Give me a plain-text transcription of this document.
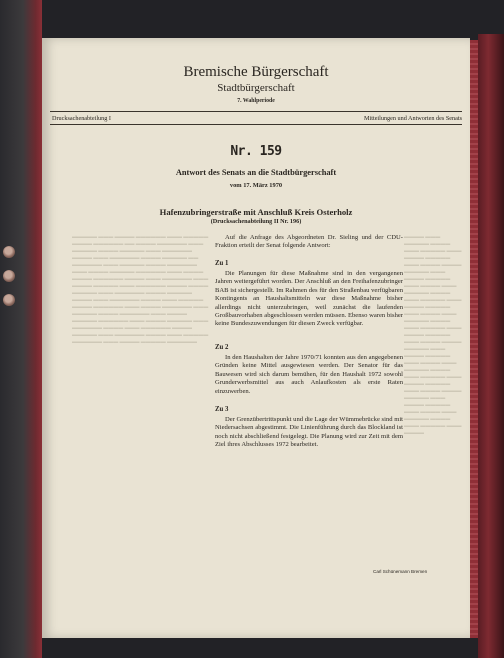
▬▬▬▬▬ ▬▬▬ ▬▬▬▬ ▬▬▬▬▬▬ ▬▬▬ ▬▬▬▬▬ ▬▬▬▬ ▬▬▬▬▬▬ ▬▬ ▬▬▬▬ ▬▬▬▬▬▬ ▬▬▬ ▬▬▬▬▬ ▬▬▬▬ ▬▬▬▬▬ ▬▬▬ ▬▬▬▬▬▬ ▬▬▬▬ ▬▬▬ ▬▬▬▬▬▬ ▬▬▬▬ ▬▬▬▬▬ ▬▬ ▬▬▬▬▬▬ ▬▬▬ ▬▬▬▬▬ ▬▬▬▬ ▬▬▬▬▬▬ ▬▬▬ ▬▬▬▬ ▬▬▬▬▬ ▬▬▬▬▬▬ ▬▬▬ ▬▬▬▬ ▬▬▬▬ ▬▬▬▬▬▬ ▬▬▬▬ ▬▬▬ ▬▬▬▬▬▬ ▬▬▬ ▬▬▬▬ ▬▬▬▬▬ ▬▬▬ ▬▬▬▬▬▬ ▬▬▬▬ ▬▬▬▬ ▬▬▬▬▬ ▬▬▬ ▬▬▬▬▬▬ ▬▬▬▬ ▬▬▬▬▬ ▬▬▬▬ ▬▬▬ ▬▬▬▬▬▬ ▬▬▬▬ ▬▬▬ ▬▬▬▬▬ ▬▬▬▬ ▬▬▬▬▬▬ ▬▬▬ ▬▬▬▬ ▬▬▬▬▬▬ ▬▬▬ ▬▬▬▬▬ ▬▬▬▬ ▬▬▬▬▬▬ ▬▬▬ ▬▬▬▬ ▬▬▬▬▬ ▬▬▬▬▬▬ ▬▬▬ ▬▬▬▬ ▬▬▬▬▬ ▬▬▬ ▬▬▬▬▬▬ ▬▬▬▬ ▬▬▬ ▬▬▬▬▬▬ ▬▬▬▬ ▬▬▬▬▬ ▬▬▬ ▬▬▬▬▬▬ ▬▬▬▬ ▬▬▬ ▬▬▬▬▬ ▬▬▬▬▬▬ ▬▬▬ ▬▬▬▬ ▬▬▬▬▬ ▬▬▬▬▬▬
▬▬▬▬ ▬▬▬ ▬▬▬▬▬ ▬▬▬▬ ▬▬▬ ▬▬▬▬▬ ▬▬▬ ▬▬▬▬ ▬▬▬▬▬ ▬▬▬ ▬▬▬▬ ▬▬▬▬ ▬▬▬▬▬ ▬▬▬ ▬▬▬▬ ▬▬▬▬▬ ▬▬▬ ▬▬▬▬ ▬▬▬ ▬▬▬▬▬ ▬▬▬▬ ▬▬▬ ▬▬▬▬▬ ▬▬▬ ▬▬▬▬ ▬▬▬▬▬ ▬▬▬ ▬▬▬▬ ▬▬▬ ▬▬▬▬▬ ▬▬▬▬ ▬▬▬ ▬▬▬▬▬ ▬▬▬ ▬▬▬▬ ▬▬▬▬▬ ▬▬▬ ▬▬▬▬ ▬▬▬▬ ▬▬▬▬▬ ▬▬▬ ▬▬▬▬ ▬▬▬▬▬ ▬▬▬ ▬▬▬▬ ▬▬▬ ▬▬▬▬▬ ▬▬▬▬ ▬▬▬ ▬▬▬▬▬ ▬▬▬ ▬▬▬▬ ▬▬▬▬▬ ▬▬▬ ▬▬▬▬ ▬▬▬▬ ▬▬▬▬▬ ▬▬▬ ▬▬▬▬ ▬▬▬▬▬ ▬▬▬ ▬▬▬▬ ▬▬▬ ▬▬▬▬▬ ▬▬▬▬ ▬▬▬ ▬▬▬▬▬ ▬▬▬ ▬▬▬▬
Bremische Bürgerschaft
Stadtbürgerschaft
7. Wahlperiode
Drucksachenabteilung I	Mitteilungen und Antworten des Senats
Nr. 159
Antwort des Senats an die Stadtbürgerschaft
vom 17. März 1970
Hafenzubringerstraße mit Anschluß Kreis Osterholz
(Drucksachenabteilung II Nr. 196)

Auf die Anfrage des Abgeordneten Dr. Sieling und der CDU-Fraktion erteilt der Senat folgende Antwort:

Zu 1

Die Planungen für diese Maßnahme sind in den vergangenen Jahren weitergeführt worden. Der Anschluß an den Freihafenzubringer BAB ist sichergestellt. Im Rahmen des für den Straßenbau verfügbaren Kontingents an Haushaltsmitteln war diese Maßnahme bisher allerdings nicht unterzubringen, weil zunächst die laufenden Großbauvorhaben abgeschlossen werden müssen. Ebenso waren bisher keine Bundeszuwendungen für diesen Zweck verfügbar.

Zu 2

In den Haushalten der Jahre 1970/71 konnten aus den angegebenen Gründen keine Mittel ausgewiesen werden. Der Senator für das Bauwesen wird sich darum bemühen, für den Haushalt 1972 sowohl Grunderwerbsmittel aus auch Anlaufkosten als erste Raten einzuwerben.

Zu 3

Der Grenzübertrittspunkt und die Lage der Wümmebrücke sind mit Niedersachsen abgestimmt. Die Linienführung durch das Blockland ist noch nicht abschließend festgelegt. Die Planung wird zur Zeit mit dem Ziel ihres Abschlusses 1972 bearbeitet.

Carl Schünemann Bremen
